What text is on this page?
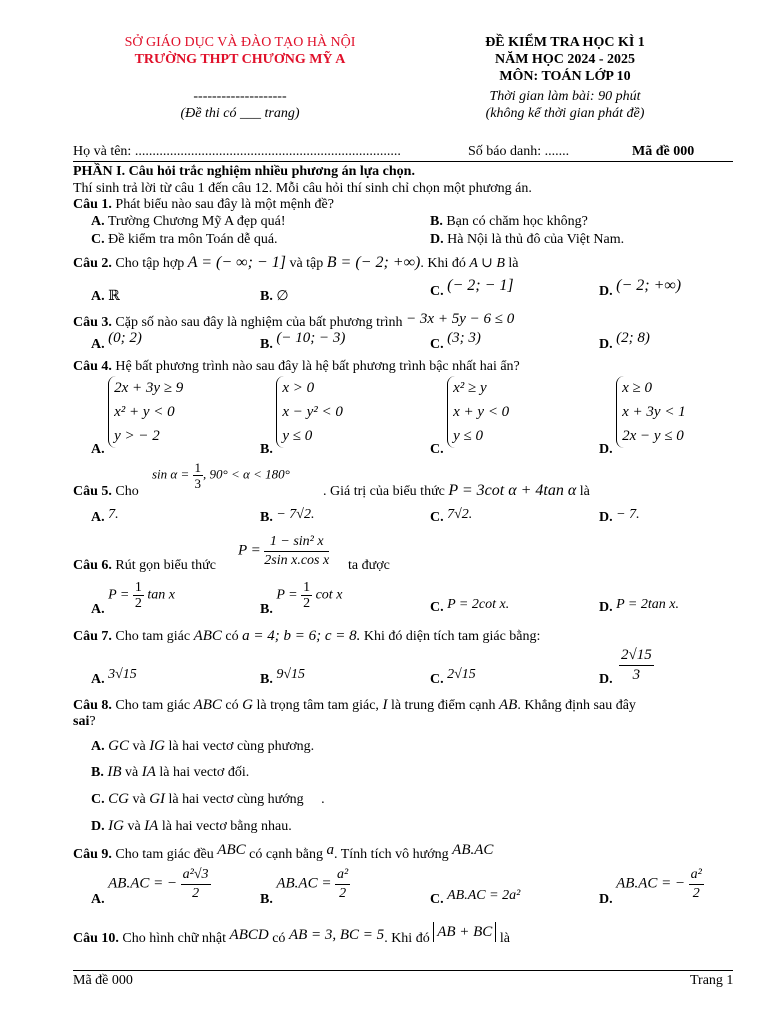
SỞ GIÁO DỤC VÀ ĐÀO TẠO HÀ NỘI
TRƯỜNG THPT CHƯƠNG MỸ A
--------------------
(Đề thi có ___ trang)
ĐỀ KIỂM TRA HỌC KÌ 1
NĂM HỌC 2024 - 2025
MÔN: TOÁN LỚP 10
Thời gian làm bài: 90 phút
(không kể thời gian phát đề)
Họ và tên: ............................................................................	Số báo danh: .......	Mã đề 000
PHẦN I. Câu hỏi trắc nghiệm nhiều phương án lựa chọn.
Thí sinh trả lời từ câu 1 đến câu 12. Mỗi câu hỏi thí sinh chỉ chọn một phương án.
Câu 1. Phát biểu nào sau đây là một mệnh đề?
A. Trường Chương Mỹ A đẹp quá!	B. Bạn có chăm học không?
C. Đề kiểm tra môn Toán dễ quá.	D. Hà Nội là thủ đô của Việt Nam.
Câu 2. Cho tập hợp A = (− ∞; − 1] và tập B = (− 2; +∞). Khi đó A ∪ B là
A. ℝ	B. ∅	C. (− 2; − 1]	D. (− 2; +∞)
Câu 3. Cặp số nào sau đây là nghiệm của bất phương trình − 3x + 5y − 6 ≤ 0
A. (0; 2)	B. (− 10; − 3)	C. (3; 3)	D. (2; 8)
Câu 4. Hệ bất phương trình nào sau đây là hệ bất phương trình bậc nhất hai ẩn?
A.
2x + 3y ≥ 9
x² + y < 0
y > − 2
B.
x > 0
x − y² < 0
y ≤ 0
C.
x² ≥ y
x + y < 0
y ≤ 0
D.
x ≥ 0
x + 3y < 1
2x − y ≤ 0
$\sin \alpha = \frac{1}{3}$ , 90° < α < 180°
Câu 5. Cho	. Giá trị của biểu thức P = 3cot α + 4tan α là
A. 7.	B. − 7√2.	C. 7√2.	D. − 7.
$P = \frac{\text{1 − sin² x}}{\text{2sin x.cos x}}$
Câu 6. Rút gọn biểu thức	ta được
A. $P = \frac{1}{2}$ tan x
B. $P = \frac{1}{2}$ cot x
C. P = 2cot x.	D. P = 2tan x.
Câu 7. Cho tam giác ABC có a = 4; b = 6; c = 8. Khi đó diện tích tam giác bằng:
A. 3√15	B. 9√15	C. 2√15	D. $\frac{2√15}{3}$
Câu 8. Cho tam giác ABC có G là trọng tâm tam giác, I là trung điểm cạnh AB. Khẳng định sau đây
sai?
A. GC và IG là hai vectơ cùng phương.
B. IB và IA là hai vectơ đối.
C. CG và GI là hai vectơ cùng hướng .
D. IG và IA là hai vectơ bằng nhau.
Câu 9. Cho tam giác đều ABC có cạnh bằng a. Tính tích vô hướng AB.AC
A. AB.AC = − $\frac{\text{a²√3}}{2}$	B. $AB.AC = \frac{\text{a²}}{2}$	C. AB.AC = 2a²	D. AB.AC = − $\frac{\text{a²}}{2}$
Câu 10. Cho hình chữ nhật ABCD có AB = 3, BC = 5. Khi đó AB + BC là
Mã đề 000	Trang 1
